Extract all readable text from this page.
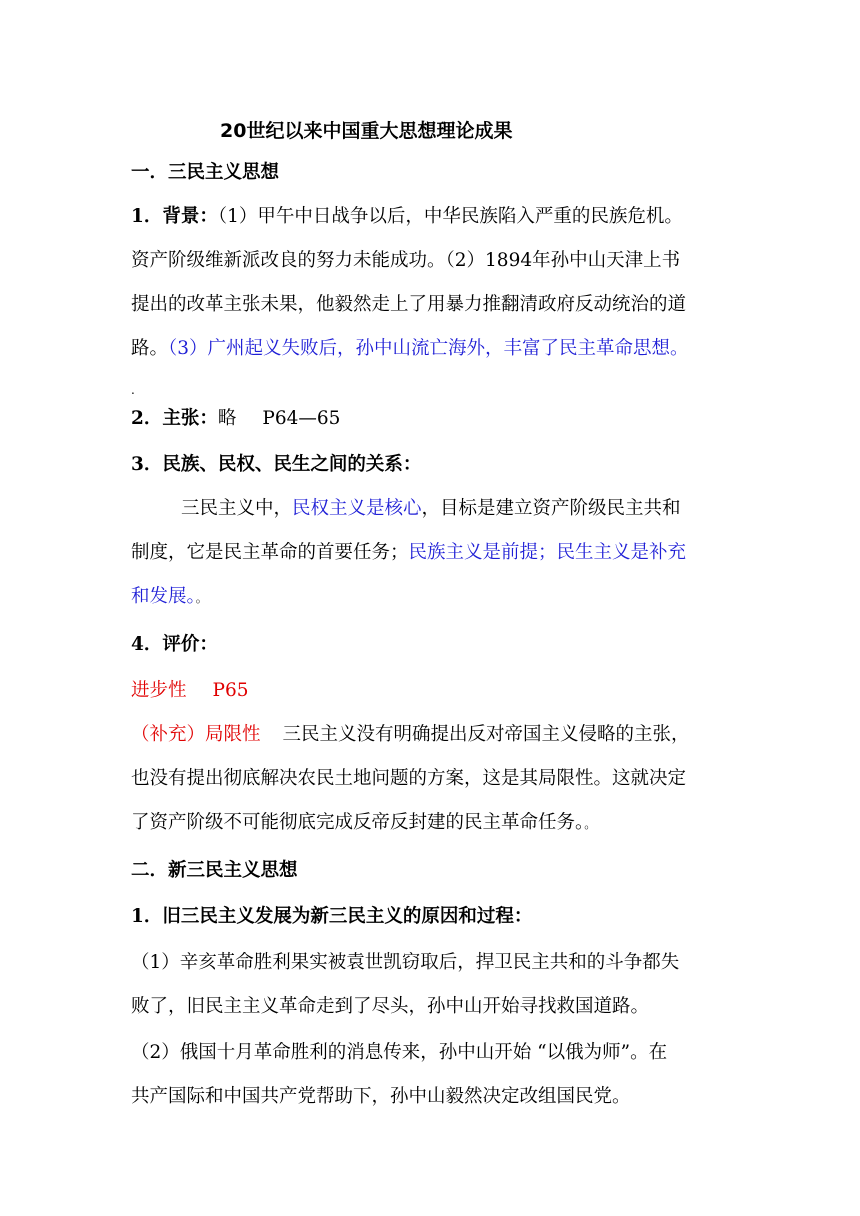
20世纪以来中国重大思想理论成果
一．三民主义思想
1．背景：（1）甲午中日战争以后，中华民族陷入严重的民族危机。
资产阶级维新派改良的努力未能成功。（2）1894年孙中山天津上书
提出的改革主张未果，他毅然走上了用暴力推翻清政府反动统治的道
路。（3）广州起义失败后，孙中山流亡海外，丰富了民主革命思想。
.
2．主张：略 P64—65
3．民族、民权、民生之间的关系：
三民主义中，民权主义是核心，目标是建立资产阶级民主共和
制度，它是民主革命的首要任务；民族主义是前提；民生主义是补充
和发展。。
4．评价：
进步性 P65
（补充）局限性 三民主义没有明确提出反对帝国主义侵略的主张，
也没有提出彻底解决农民土地问题的方案，这是其局限性。这就决定
了资产阶级不可能彻底完成反帝反封建的民主革命任务。。
二．新三民主义思想
1．旧三民主义发展为新三民主义的原因和过程：
（1）辛亥革命胜利果实被袁世凯窃取后，捍卫民主共和的斗争都失
败了，旧民主主义革命走到了尽头，孙中山开始寻找救国道路。
（2）俄国十月革命胜利的消息传来，孙中山开始 “以俄为师”。在
共产国际和中国共产党帮助下，孙中山毅然决定改组国民党。
